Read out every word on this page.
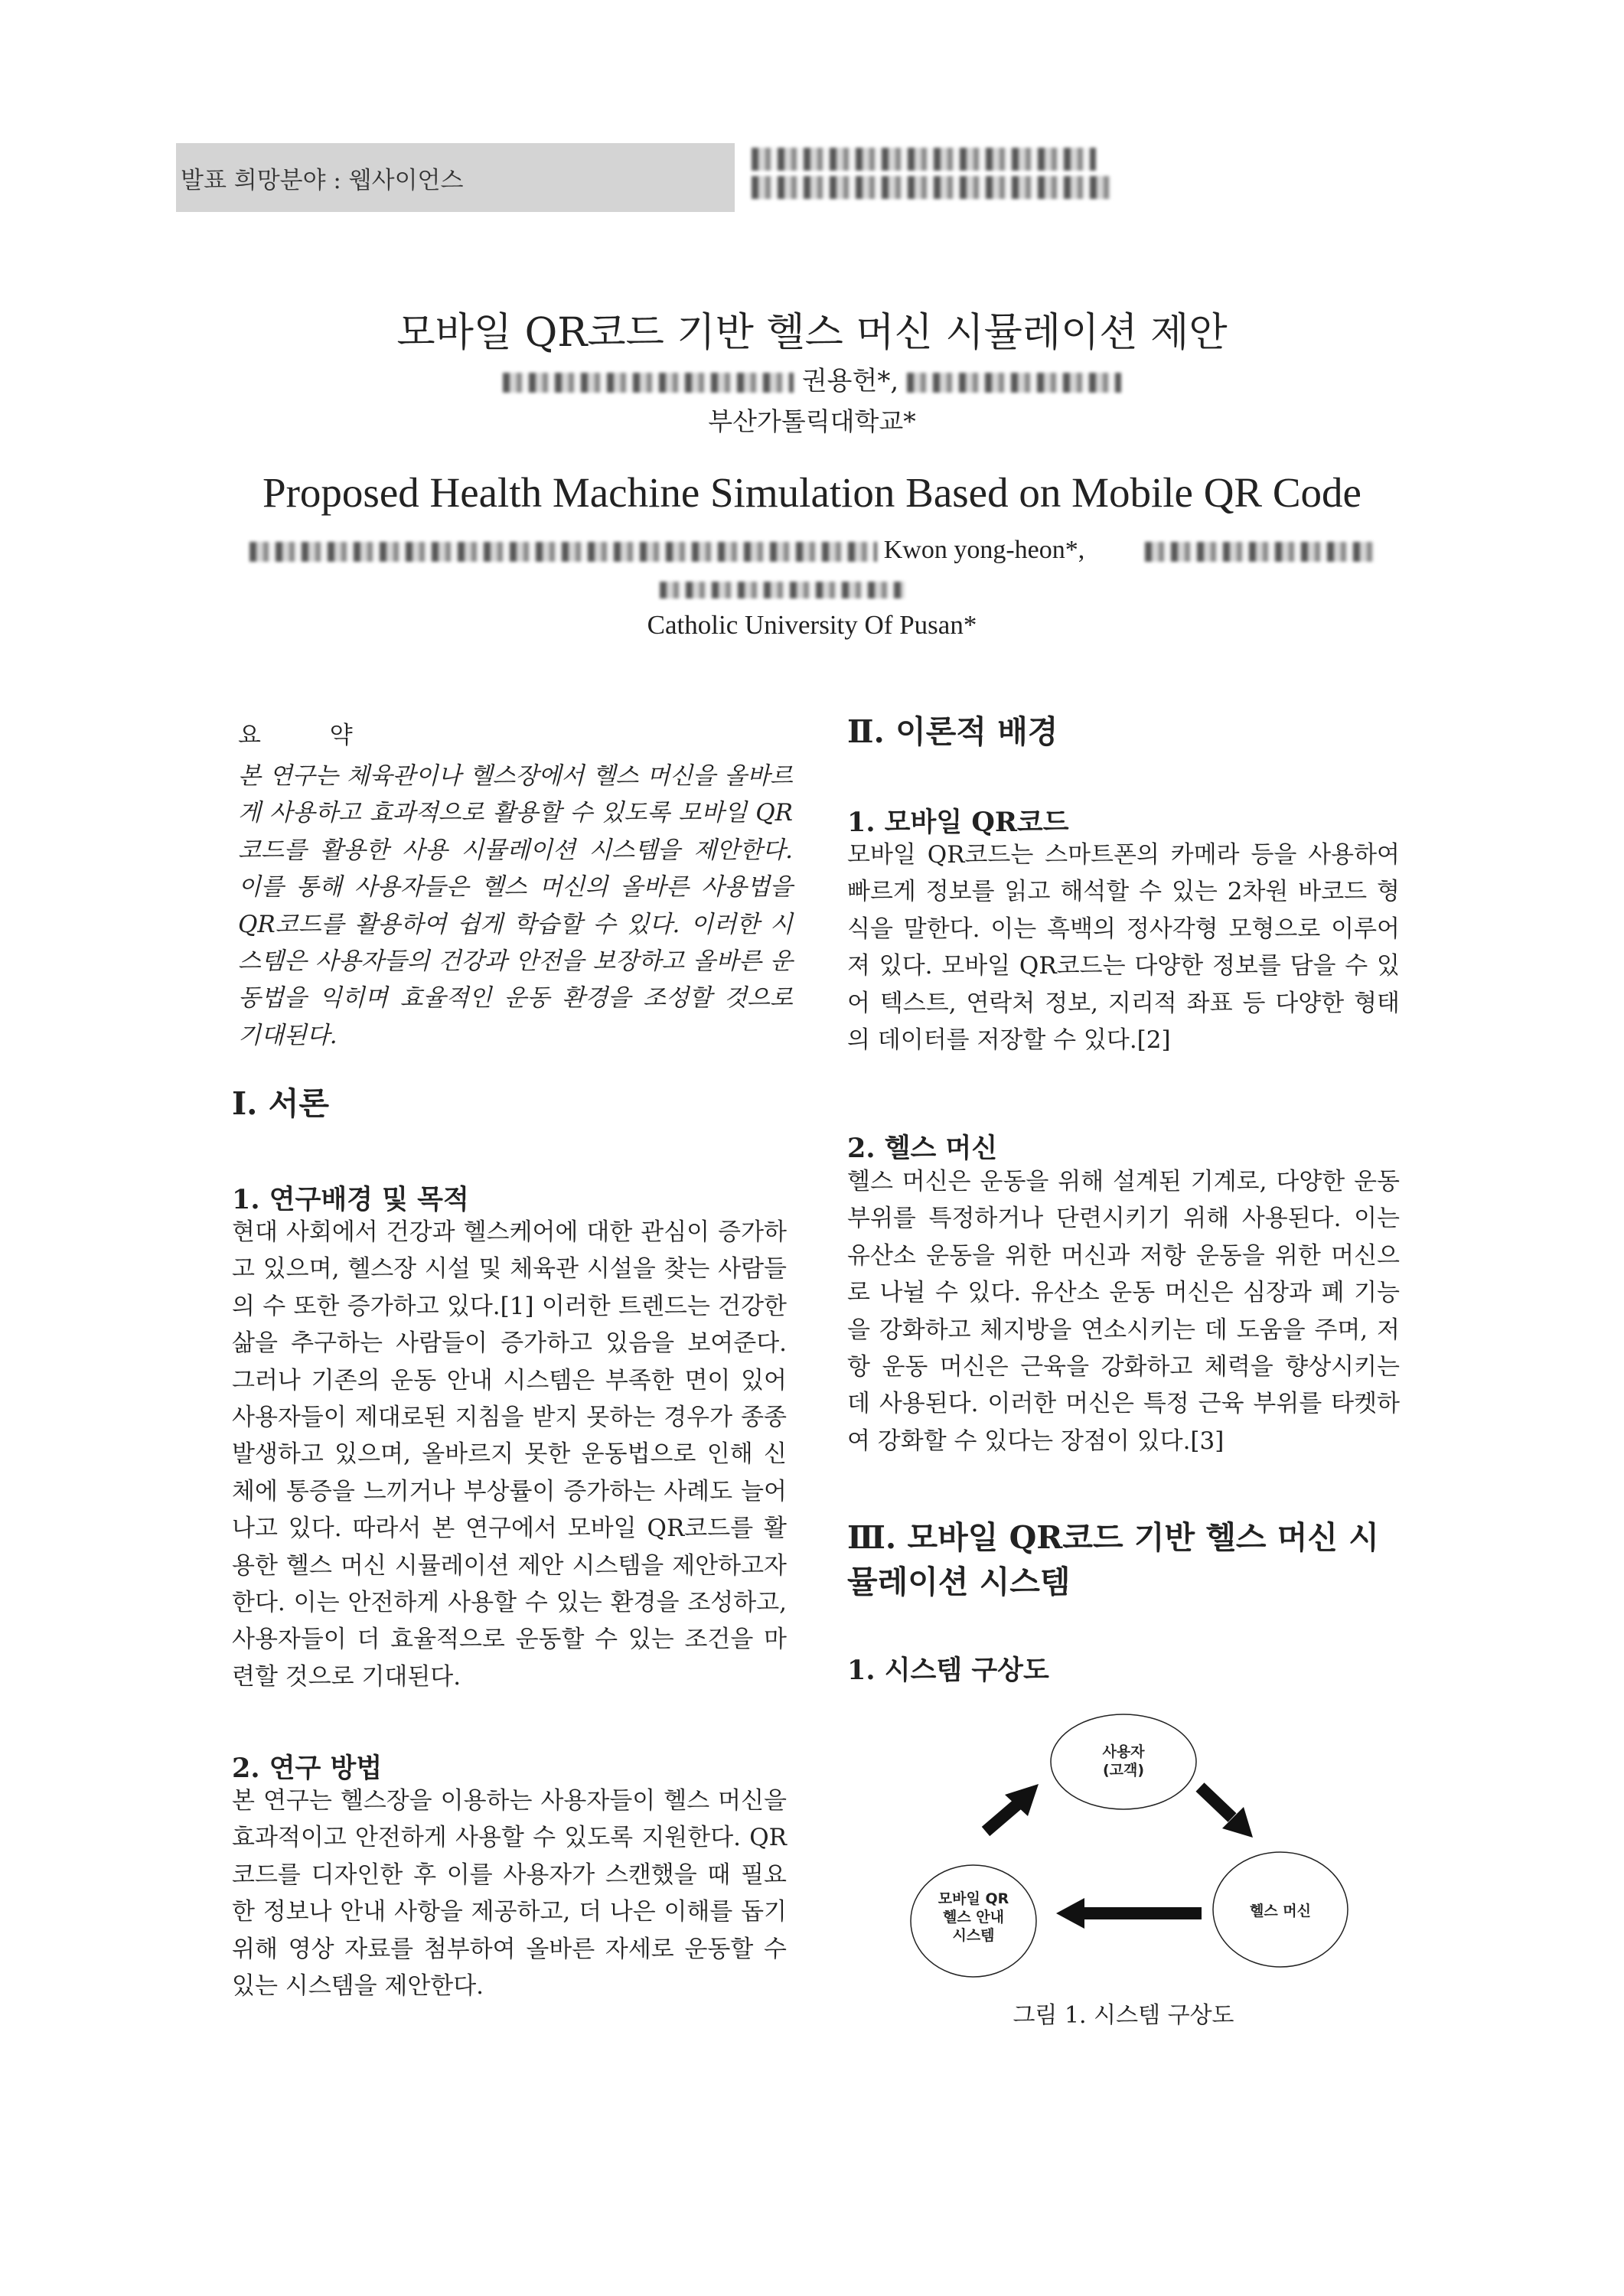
발표 희망분야 : 웹사이언스
모바일 QR코드 기반 헬스 머신 시뮬레이션 제안
권용헌*,
부산가톨릭대학교*
Proposed Health Machine Simulation Based on Mobile QR Code
Kwon yong-heon*,
Catholic University Of Pusan*
요 약
본 연구는 체육관이나 헬스장에서 헬스 머신을 올바르게 사용하고 효과적으로 활용할 수 있도록 모바일 QR코드를 활용한 사용 시뮬레이션 시스템을 제안한다. 이를 통해 사용자들은 헬스 머신의 올바른 사용법을 QR코드를 활용하여 쉽게 학습할 수 있다. 이러한 시스템은 사용자들의 건강과 안전을 보장하고 올바른 운동법을 익히며 효율적인 운동 환경을 조성할 것으로 기대된다.
Ⅰ. 서론
1. 연구배경 및 목적
현대 사회에서 건강과 헬스케어에 대한 관심이 증가하고 있으며, 헬스장 시설 및 체육관 시설을 찾는 사람들의 수 또한 증가하고 있다.[1] 이러한 트렌드는 건강한 삶을 추구하는 사람들이 증가하고 있음을 보여준다. 그러나 기존의 운동 안내 시스템은 부족한 면이 있어 사용자들이 제대로된 지침을 받지 못하는 경우가 종종 발생하고 있으며, 올바르지 못한 운동법으로 인해 신체에 통증을 느끼거나 부상률이 증가하는 사례도 늘어나고 있다. 따라서 본 연구에서 모바일 QR코드를 활용한 헬스 머신 시뮬레이션 제안 시스템을 제안하고자한다. 이는 안전하게 사용할 수 있는 환경을 조성하고, 사용자들이 더 효율적으로 운동할 수 있는 조건을 마련할 것으로 기대된다.
2. 연구 방법
본 연구는 헬스장을 이용하는 사용자들이 헬스 머신을 효과적이고 안전하게 사용할 수 있도록 지원한다. QR코드를 디자인한 후 이를 사용자가 스캔했을 때 필요한 정보나 안내 사항을 제공하고, 더 나은 이해를 돕기 위해 영상 자료를 첨부하여 올바른 자세로 운동할 수 있는 시스템을 제안한다.
Ⅱ. 이론적 배경
1. 모바일 QR코드
모바일 QR코드는 스마트폰의 카메라 등을 사용하여 빠르게 정보를 읽고 해석할 수 있는 2차원 바코드 형식을 말한다. 이는 흑백의 정사각형 모형으로 이루어져 있다. 모바일 QR코드는 다양한 정보를 담을 수 있어 텍스트, 연락처 정보, 지리적 좌표 등 다양한 형태의 데이터를 저장할 수 있다.[2]
2. 헬스 머신
헬스 머신은 운동을 위해 설계된 기계로, 다양한 운동 부위를 특정하거나 단련시키기 위해 사용된다. 이는 유산소 운동을 위한 머신과 저항 운동을 위한 머신으로 나뉠 수 있다. 유산소 운동 머신은 심장과 폐 기능을 강화하고 체지방을 연소시키는 데 도움을 주며, 저항 운동 머신은 근육을 강화하고 체력을 향상시키는 데 사용된다. 이러한 머신은 특정 근육 부위를 타켓하여 강화할 수 있다는 장점이 있다.[3]
Ⅲ. 모바일 QR코드 기반 헬스 머신 시뮬레이션 시스템
1. 시스템 구상도
사용자
(고객)
헬스 머신
모바일 QR
헬스 안내
시스템
그림 1. 시스템 구상도
